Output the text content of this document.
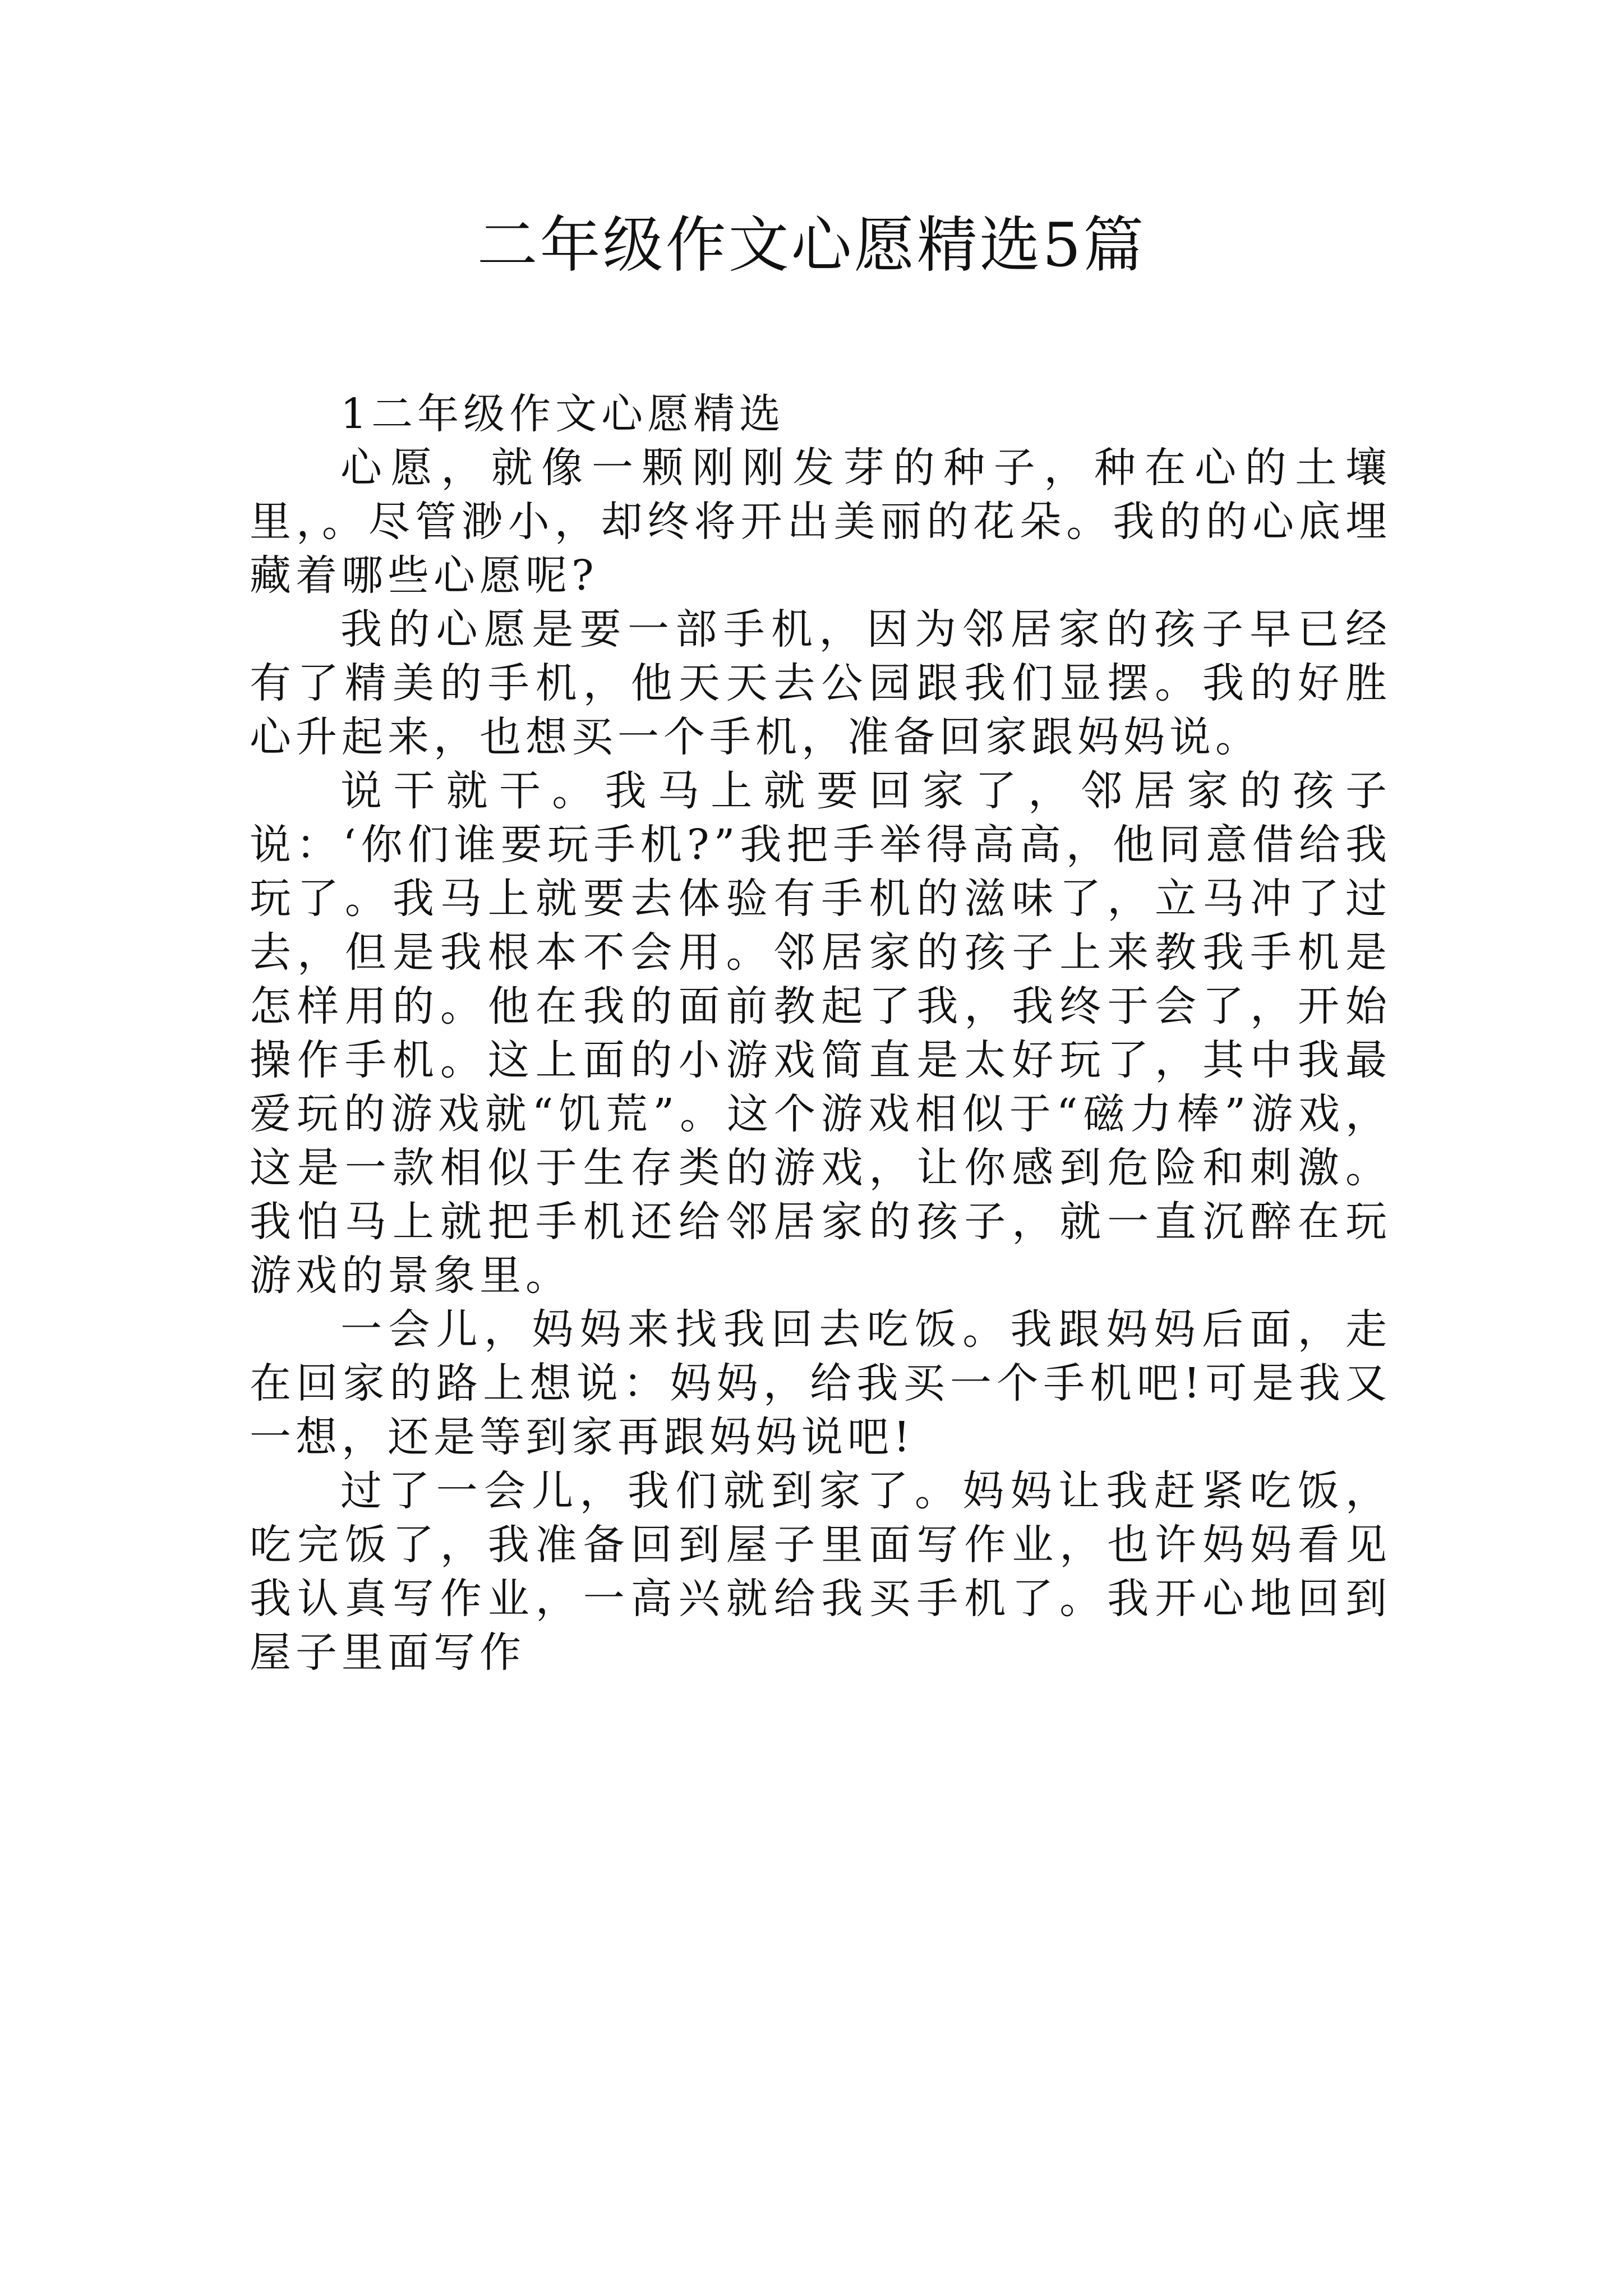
二年级作文心愿精选5篇

1二年级作文心愿精选

心愿，就像一颗刚刚发芽的种子，种在心的土壤里，。尽管渺小，却终将开出美丽的花朵。我的的心底埋藏着哪些心愿呢?

我的心愿是要一部手机，因为邻居家的孩子早已经有了精美的手机，他天天去公园跟我们显摆。我的好胜心升起来，也想买一个手机，准备回家跟妈妈说。

说干就干。我马上就要回家了，邻居家的孩子说：‘你们谁要玩手机?”我把手举得高高，他同意借给我玩了。我马上就要去体验有手机的滋味了，立马冲了过去，但是我根本不会用。邻居家的孩子上来教我手机是怎样用的。他在我的面前教起了我，我终于会了，开始操作手机。这上面的小游戏简直是太好玩了，其中我最爱玩的游戏就“饥荒”。这个游戏相似于“磁力棒”游戏，这是一款相似于生存类的游戏，让你感到危险和刺激。我怕马上就把手机还给邻居家的孩子，就一直沉醉在玩游戏的景象里。

一会儿，妈妈来找我回去吃饭。我跟妈妈后面，走在回家的路上想说：妈妈，给我买一个手机吧!可是我又一想，还是等到家再跟妈妈说吧!

过了一会儿，我们就到家了。妈妈让我赶紧吃饭，吃完饭了，我准备回到屋子里面写作业，也许妈妈看见我认真写作业，一高兴就给我买手机了。我开心地回到屋子里面写作
